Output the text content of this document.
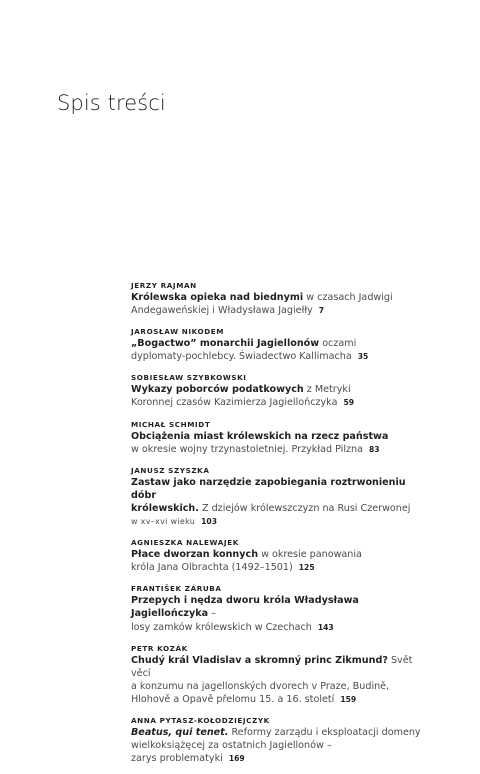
Spis treści
JERZY RAJMAN
Królewska opieka nad biednymi w czasach Jadwigi
Andegaweńskiej i Władysława Jagiełły 7
JAROSŁAW NIKODEM
„Bogactwo” monarchii Jagiellonów oczami
dyplomaty-pochlebcy. Świadectwo Kallimacha 35
SOBIESŁAW SZYBKOWSKI
Wykazy poborców podatkowych z Metryki
Koronnej czasów Kazimierza Jagiellończyka 59
MICHAŁ SCHMIDT
Obciążenia miast królewskich na rzecz państwa
w okresie wojny trzynastoletniej. Przykład Pilzna 83
JANUSZ SZYSZKA
Zastaw jako narzędzie zapobiegania roztrwonieniu dóbr
królewskich. Z dziejów królewszczyzn na Rusi Czerwonej
w xv–xvi wieku 103
AGNIESZKA NALEWAJEK
Płace dworzan konnych w okresie panowania
króla Jana Olbrachta (1492–1501) 125
FRANTIŠEK ZÁRUBA
Przepych i nędza dworu króla Władysława Jagiellończyka –
losy zamków królewskich w Czechach 143
PETR KOZÁK
Chudý král Vladislav a skromný princ Zikmund? Svět věcí
a konzumu na jagellonských dvorech v Praze, Budině,
Hlohově a Opavě přelomu 15. a 16. století 159
ANNA PYTASZ-KOŁODZIEJCZYK
Beatus, qui tenet. Reformy zarządu i eksploatacji domeny
wielkoksiążęcej za ostatnich Jagiellonów –
zarys problematyki 169
